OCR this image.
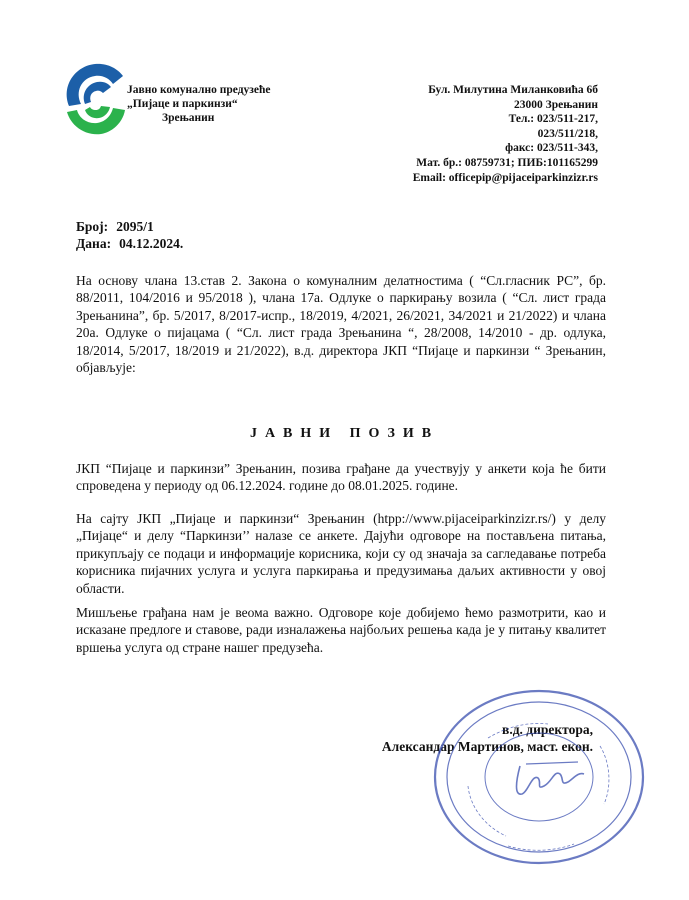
Јавно комунално предузеће
„Пијаце и паркинзи“
Зрењанин
Бул. Милутина Миланковића 6б
23000 Зрењанин
Тел.: 023/511-217,
023/511/218,
факс: 023/511-343,
Мат. бр.: 08759731; ПИБ:101165299
Email: officepip@pijaceiparkinzizr.rs
Број: 2095/1
Дана: 04.12.2024.
На основу члана 13.став 2. Закона о комуналним делатностима ( “Сл.гласник РС”, бр. 88/2011, 104/2016 и 95/2018 ), члана 17а. Одлуке о паркирању возила ( “Сл. лист града Зрењанина”, бр. 5/2017, 8/2017-испр., 18/2019, 4/2021, 26/2021, 34/2021 и 21/2022) и члана 20а. Одлуке о пијацама ( “Сл. лист града Зрењанина “, 28/2008, 14/2010 - др. одлука, 18/2014, 5/2017, 18/2019 и 21/2022), в.д. директора ЈКП “Пијаце и паркинзи “ Зрењанин, објављује:
ЈАВНИ ПОЗИВ
ЈКП “Пијаце и паркинзи” Зрењанин, позива грађане да учествују у анкети која ће бити спроведена у периоду од 06.12.2024. године до 08.01.2025. године.
На сајту ЈКП „Пијаце и паркинзи“ Зрењанин (htpp://www.pijaceiparkinzizr.rs/) у делу „Пијаце“ и делу “Паркинзи’’ налазе се анкете. Дајући одговоре на постављена питања, прикупљају се подаци и информације корисника, који су од значаја за сагледавање потреба корисника пијачних услуга и услуга паркирања и предузимања даљих активности у овој области.
Мишљење грађана нам је веома важно. Одговоре које добијемо ћемо размотрити, као и исказане предлоге и ставове, ради изналажења најбољих решења када је у питању квалитет вршења услуга од стране нашег предузећа.
в.д. директора,
Александар Мартинов, маст. екон.
